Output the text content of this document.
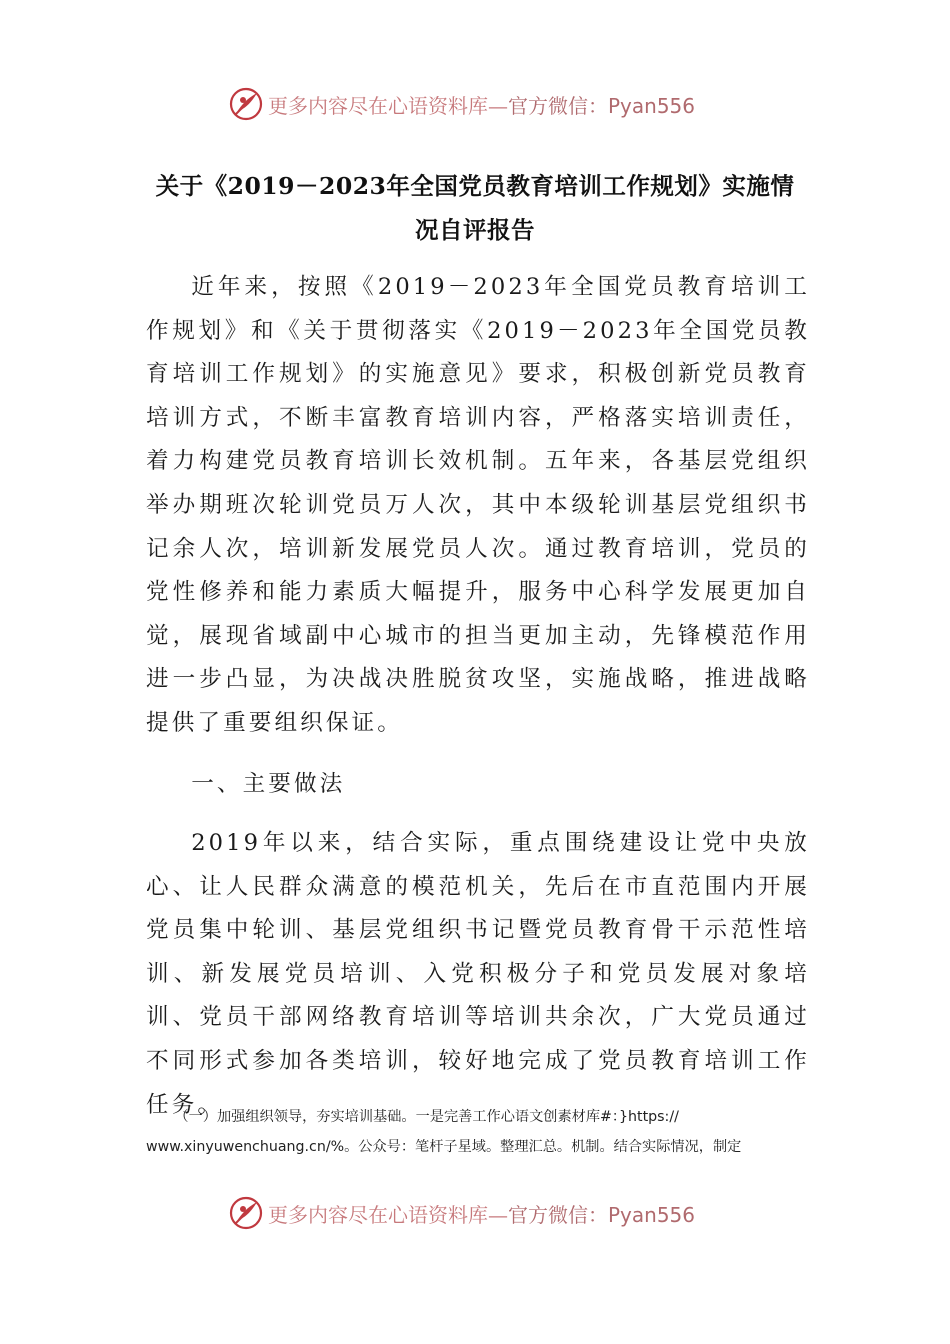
更多内容尽在心语资料库—官方微信：Pyan556
关于《2019－2023年全国党员教育培训工作规划》实施情
况自评报告

近年来，按照《2019－2023年全国党员教育培训工作规划》和《关于贯彻落实《2019－2023年全国党员教育培训工作规划》的实施意见》要求，积极创新党员教育培训方式，不断丰富教育培训内容，严格落实培训责任，着力构建党员教育培训长效机制。五年来，各基层党组织举办期班次轮训党员万人次，其中本级轮训基层党组织书记余人次，培训新发展党员人次。通过教育培训，党员的党性修养和能力素质大幅提升，服务中心科学发展更加自觉，展现省域副中心城市的担当更加主动，先锋模范作用进一步凸显，为决战决胜脱贫攻坚，实施战略，推进战略提供了重要组织保证。

一、主要做法

2019年以来，结合实际，重点围绕建设让党中央放心、让人民群众满意的模范机关，先后在市直范围内开展党员集中轮训、基层党组织书记暨党员教育骨干示范性培训、新发展党员培训、入党积极分子和党员发展对象培训、党员干部网络教育培训等培训共余次，广大党员通过不同形式参加各类培训，较好地完成了党员教育培训工作任务。

（一）加强组织领导，夯实培训基础。一是完善工作心语文创素材库#：}https://

www.xinyuwenchuang.cn/%。公众号：笔杆子星域。整理汇总。机制。结合实际情况，制定

更多内容尽在心语资料库—官方微信：Pyan556
